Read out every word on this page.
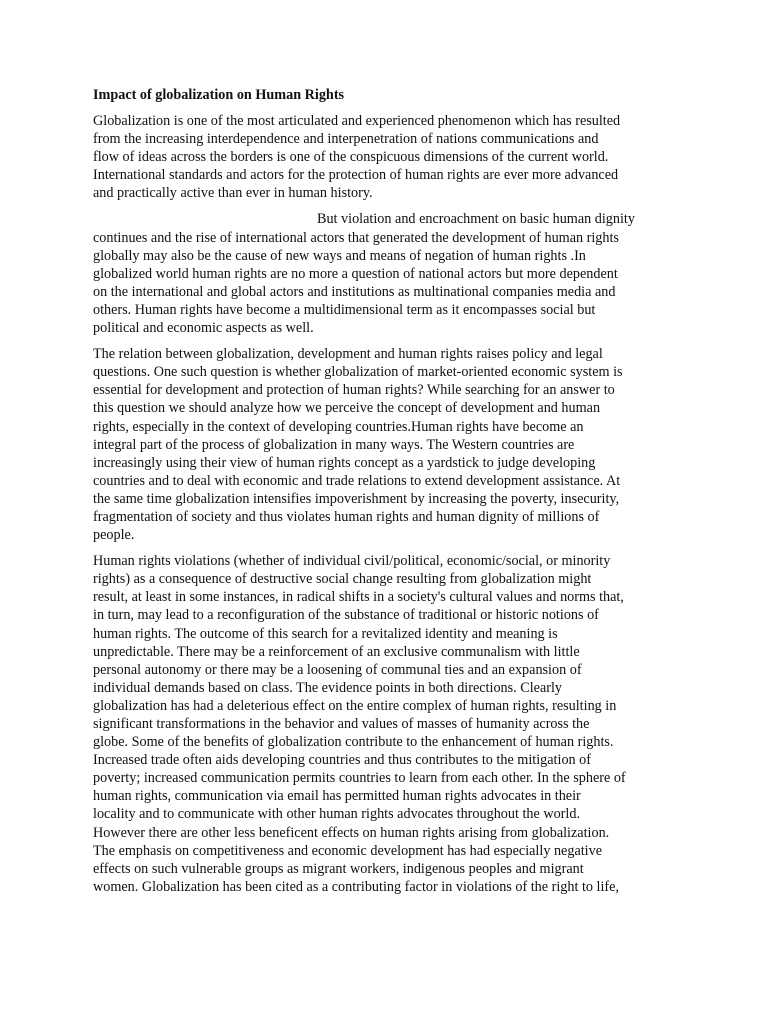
Impact of globalization on Human Rights
Globalization is one of the most articulated and experienced phenomenon which has resulted
from the increasing interdependence and interpenetration of nations communications and
flow of ideas across the borders is one of the conspicuous dimensions of the current world.
International standards and actors for the protection of human rights are ever more advanced
and practically active than ever in human history.
But violation and encroachment on basic human dignity
continues and the rise of international actors that generated the development of human rights
globally may also be the cause of new ways and means of negation of human rights .In
globalized world human rights are no more a question of national actors but more dependent
on the international and global actors and institutions as multinational companies media and
others. Human rights have become a multidimensional term as it encompasses social but
political and economic aspects as well.
The relation between globalization, development and human rights raises policy and legal
questions. One such question is whether globalization of market-oriented economic system is
essential for development and protection of human rights? While searching for an answer to
this question we should analyze how we perceive the concept of development and human
rights, especially in the context of developing countries.Human rights have become an
integral part of the process of globalization in many ways. The Western countries are
increasingly using their view of human rights concept as a yardstick to judge developing
countries and to deal with economic and trade relations to extend development assistance. At
the same time globalization intensifies impoverishment by increasing the poverty, insecurity,
fragmentation of society and thus violates human rights and human dignity of millions of
people.
Human rights violations (whether of individual civil/political, economic/social, or minority
rights) as a consequence of destructive social change resulting from globalization might
result, at least in some instances, in radical shifts in a society's cultural values and norms that,
in turn, may lead to a reconfiguration of the substance of traditional or historic notions of
human rights. The outcome of this search for a revitalized identity and meaning is
unpredictable. There may be a reinforcement of an exclusive communalism with little
personal autonomy or there may be a loosening of communal ties and an expansion of
individual demands based on class. The evidence points in both directions. Clearly
globalization has had a deleterious effect on the entire complex of human rights, resulting in
significant transformations in the behavior and values of masses of humanity across the
globe. Some of the benefits of globalization contribute to the enhancement of human rights.
Increased trade often aids developing countries and thus contributes to the mitigation of
poverty; increased communication permits countries to learn from each other. In the sphere of
human rights, communication via email has permitted human rights advocates in their
locality and to communicate with other human rights advocates throughout the world.
However there are other less beneficent effects on human rights arising from globalization.
The emphasis on competitiveness and economic development has had especially negative
effects on such vulnerable groups as migrant workers, indigenous peoples and migrant
women. Globalization has been cited as a contributing factor in violations of the right to life,
